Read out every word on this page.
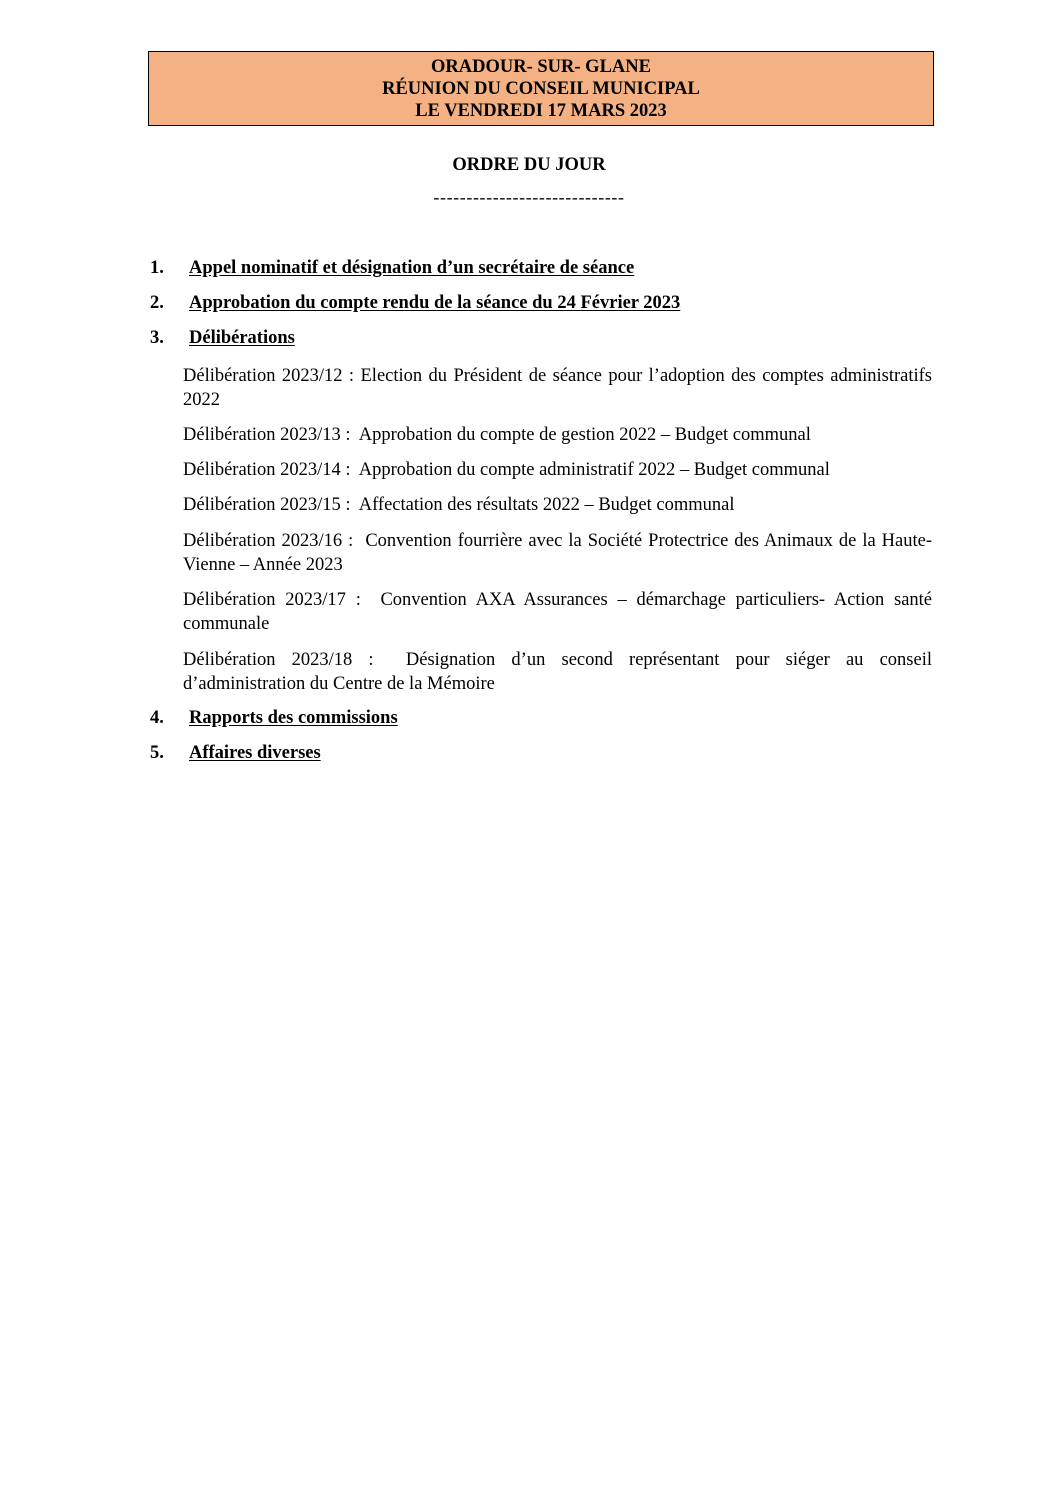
ORADOUR- SUR- GLANE
RÉUNION DU CONSEIL MUNICIPAL
LE VENDREDI 17 MARS 2023
ORDRE DU JOUR
-----------------------------
1. Appel nominatif et désignation d’un secrétaire de séance
2. Approbation du compte rendu de la séance du 24 Février 2023
3. Délibérations
Délibération 2023/12 : Election du Président de séance pour l’adoption des comptes administratifs 2022
Délibération 2023/13 :  Approbation du compte de gestion 2022 – Budget communal
Délibération 2023/14 :  Approbation du compte administratif 2022 – Budget communal
Délibération 2023/15 :  Affectation des résultats 2022 – Budget communal
Délibération 2023/16 :  Convention fourrière avec la Société Protectrice des Animaux de la Haute-Vienne – Année 2023
Délibération 2023/17 :  Convention AXA Assurances – démarchage particuliers- Action santé communale
Délibération 2023/18 :  Désignation d’un second représentant pour siéger au conseil d’administration du Centre de la Mémoire
4. Rapports des commissions
5. Affaires diverses
